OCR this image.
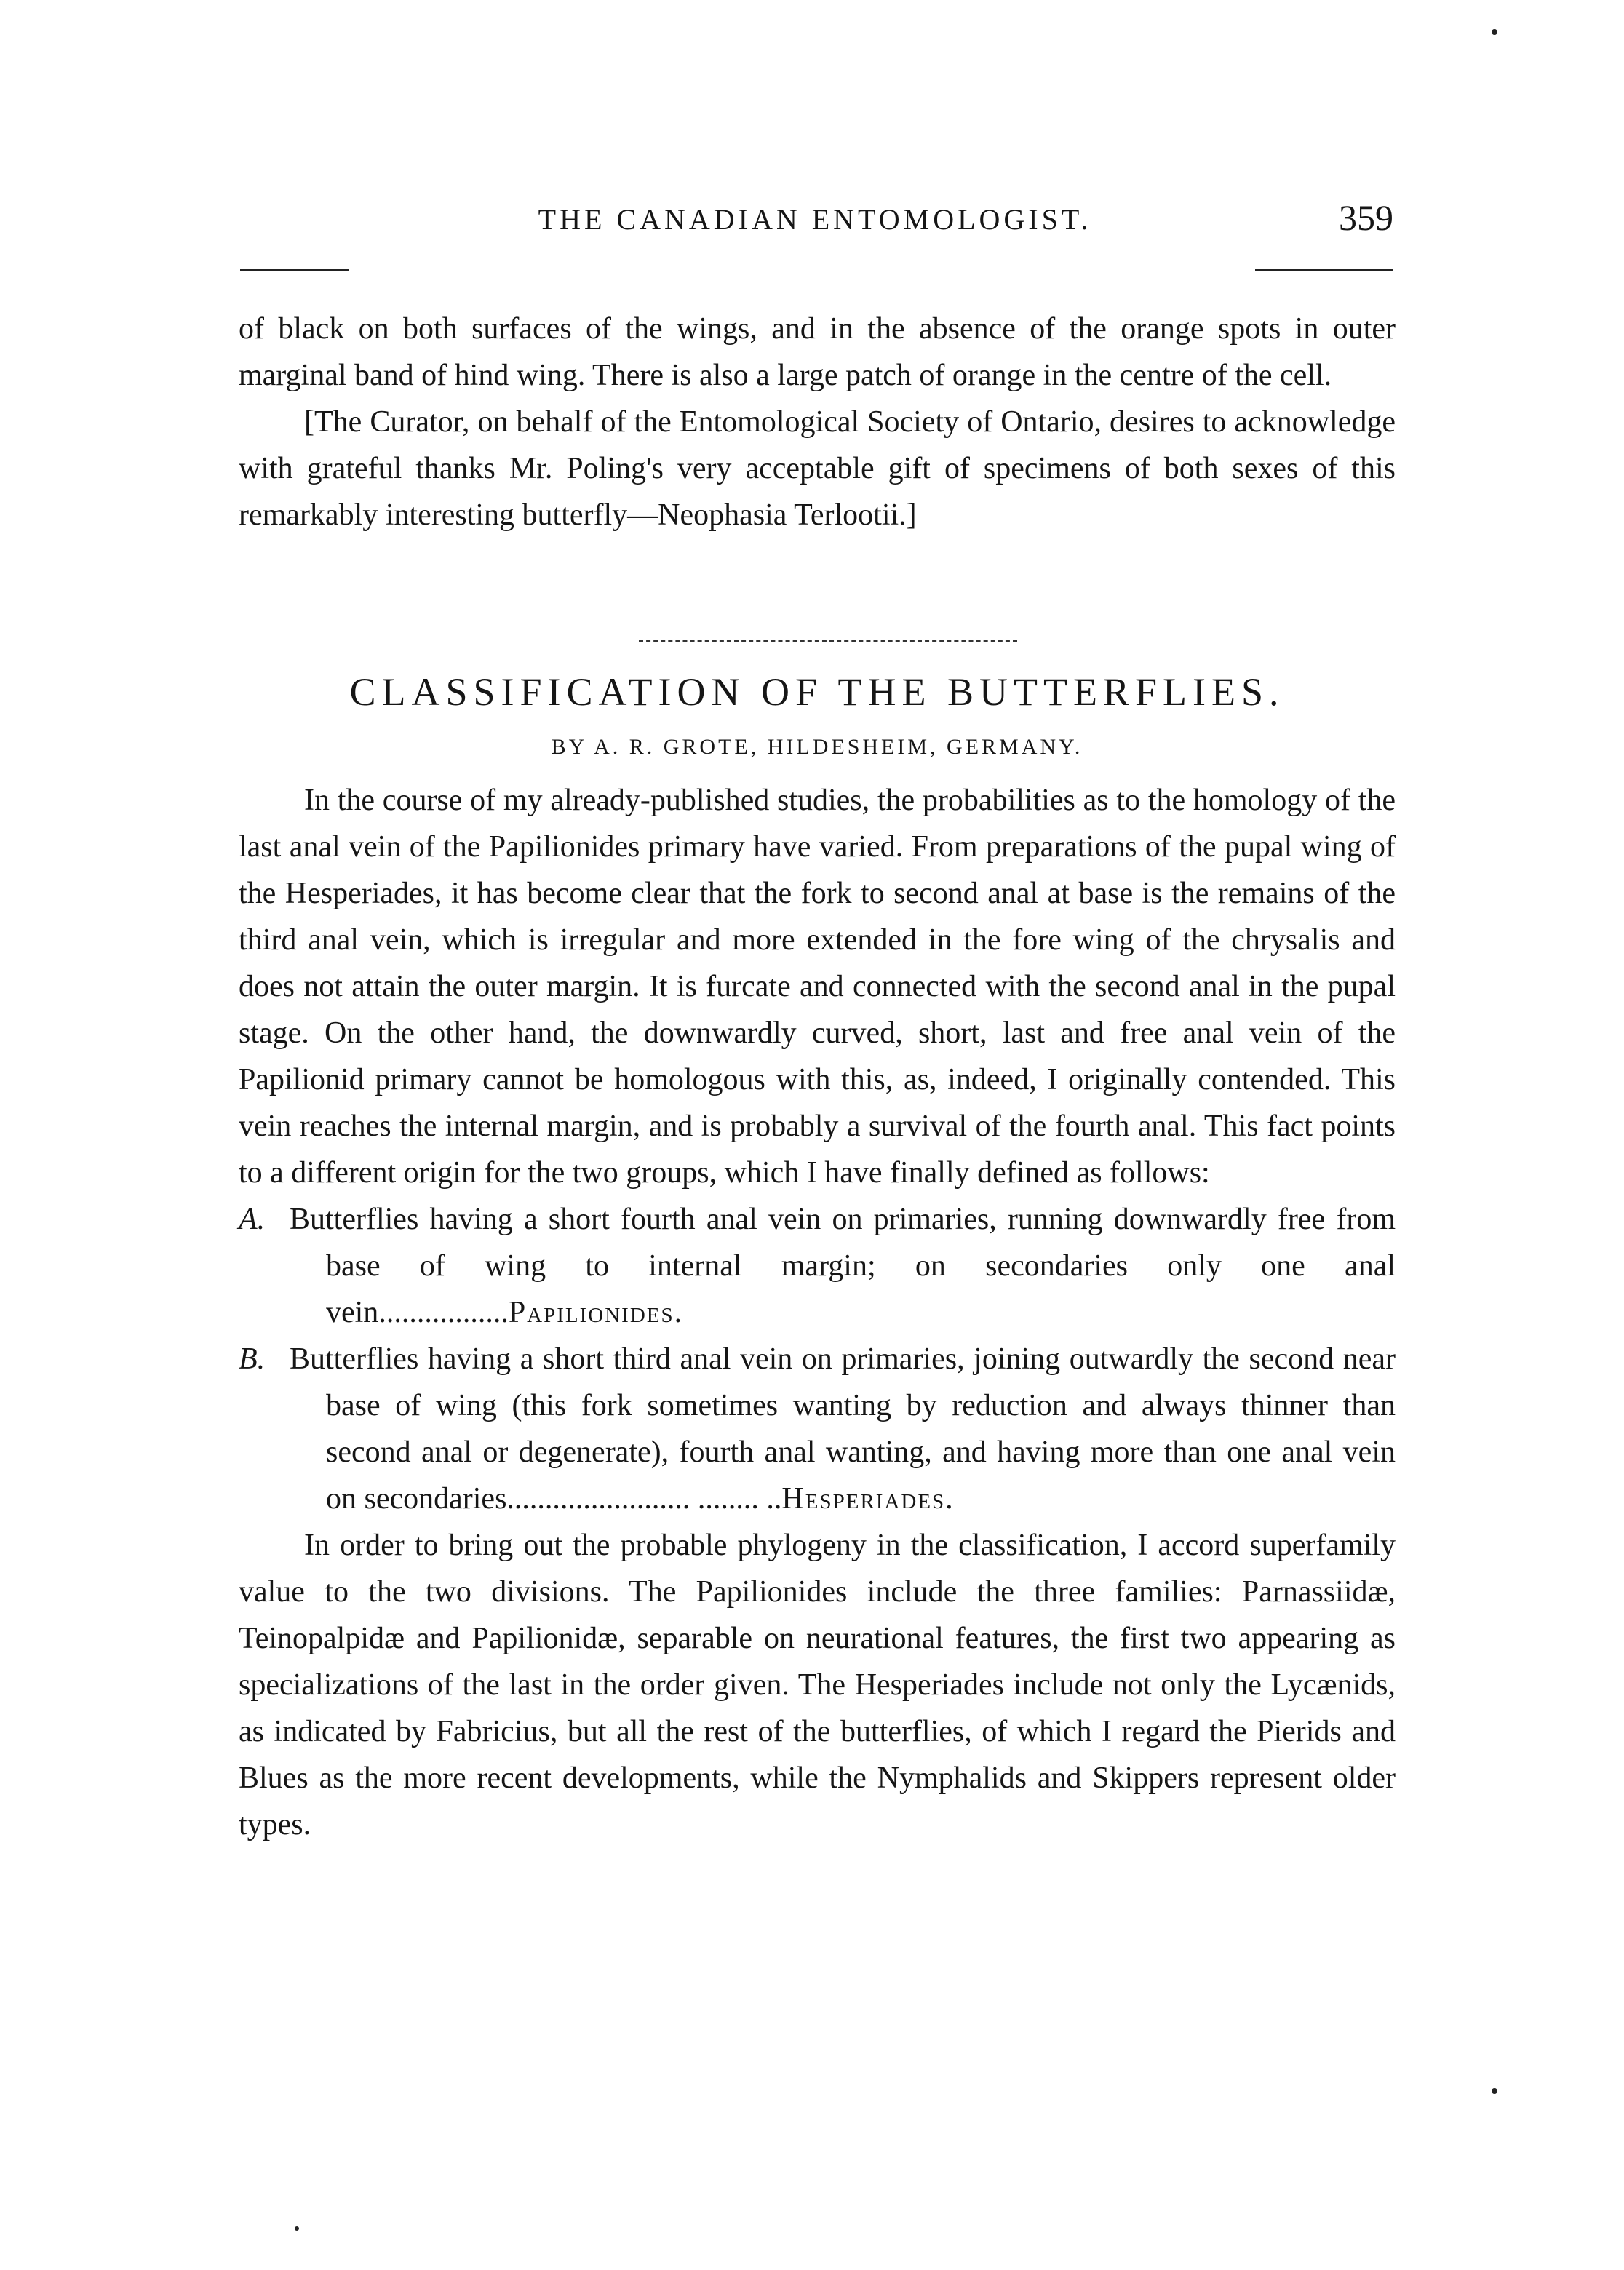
THE CANADIAN ENTOMOLOGIST.	359

of black on both surfaces of the wings, and in the absence of the orange spots in outer marginal band of hind wing. There is also a large patch of orange in the centre of the cell.

[The Curator, on behalf of the Entomological Society of Ontario, desires to acknowledge with grateful thanks Mr. Poling's very acceptable gift of specimens of both sexes of this remarkably interesting butterfly—Neophasia Terlootii.]

CLASSIFICATION OF THE BUTTERFLIES.
BY A. R. GROTE, HILDESHEIM, GERMANY.

In the course of my already-published studies, the probabilities as to the homology of the last anal vein of the Papilionides primary have varied. From preparations of the pupal wing of the Hesperiades, it has become clear that the fork to second anal at base is the remains of the third anal vein, which is irregular and more extended in the fore wing of the chrysalis and does not attain the outer margin. It is furcate and connected with the second anal in the pupal stage. On the other hand, the downwardly curved, short, last and free anal vein of the Papilionid primary cannot be homologous with this, as, indeed, I originally contended. This vein reaches the internal margin, and is probably a survival of the fourth anal. This fact points to a different origin for the two groups, which I have finally defined as follows:

A. Butterflies having a short fourth anal vein on primaries, running downwardly free from base of wing to internal margin; on secondaries only one anal vein.................Papilionides.

B. Butterflies having a short third anal vein on primaries, joining outwardly the second near base of wing (this fork sometimes wanting by reduction and always thinner than second anal or degenerate), fourth anal wanting, and having more than one anal vein on secondaries........................ ........ ..Hesperiades.

In order to bring out the probable phylogeny in the classification, I accord superfamily value to the two divisions. The Papilionides include the three families: Parnassiidæ, Teinopalpidæ and Papilionidæ, separable on neurational features, the first two appearing as specializations of the last in the order given. The Hesperiades include not only the Lycænids, as indicated by Fabricius, but all the rest of the butterflies, of which I regard the Pierids and Blues as the more recent developments, while the Nymphalids and Skippers represent older types.
